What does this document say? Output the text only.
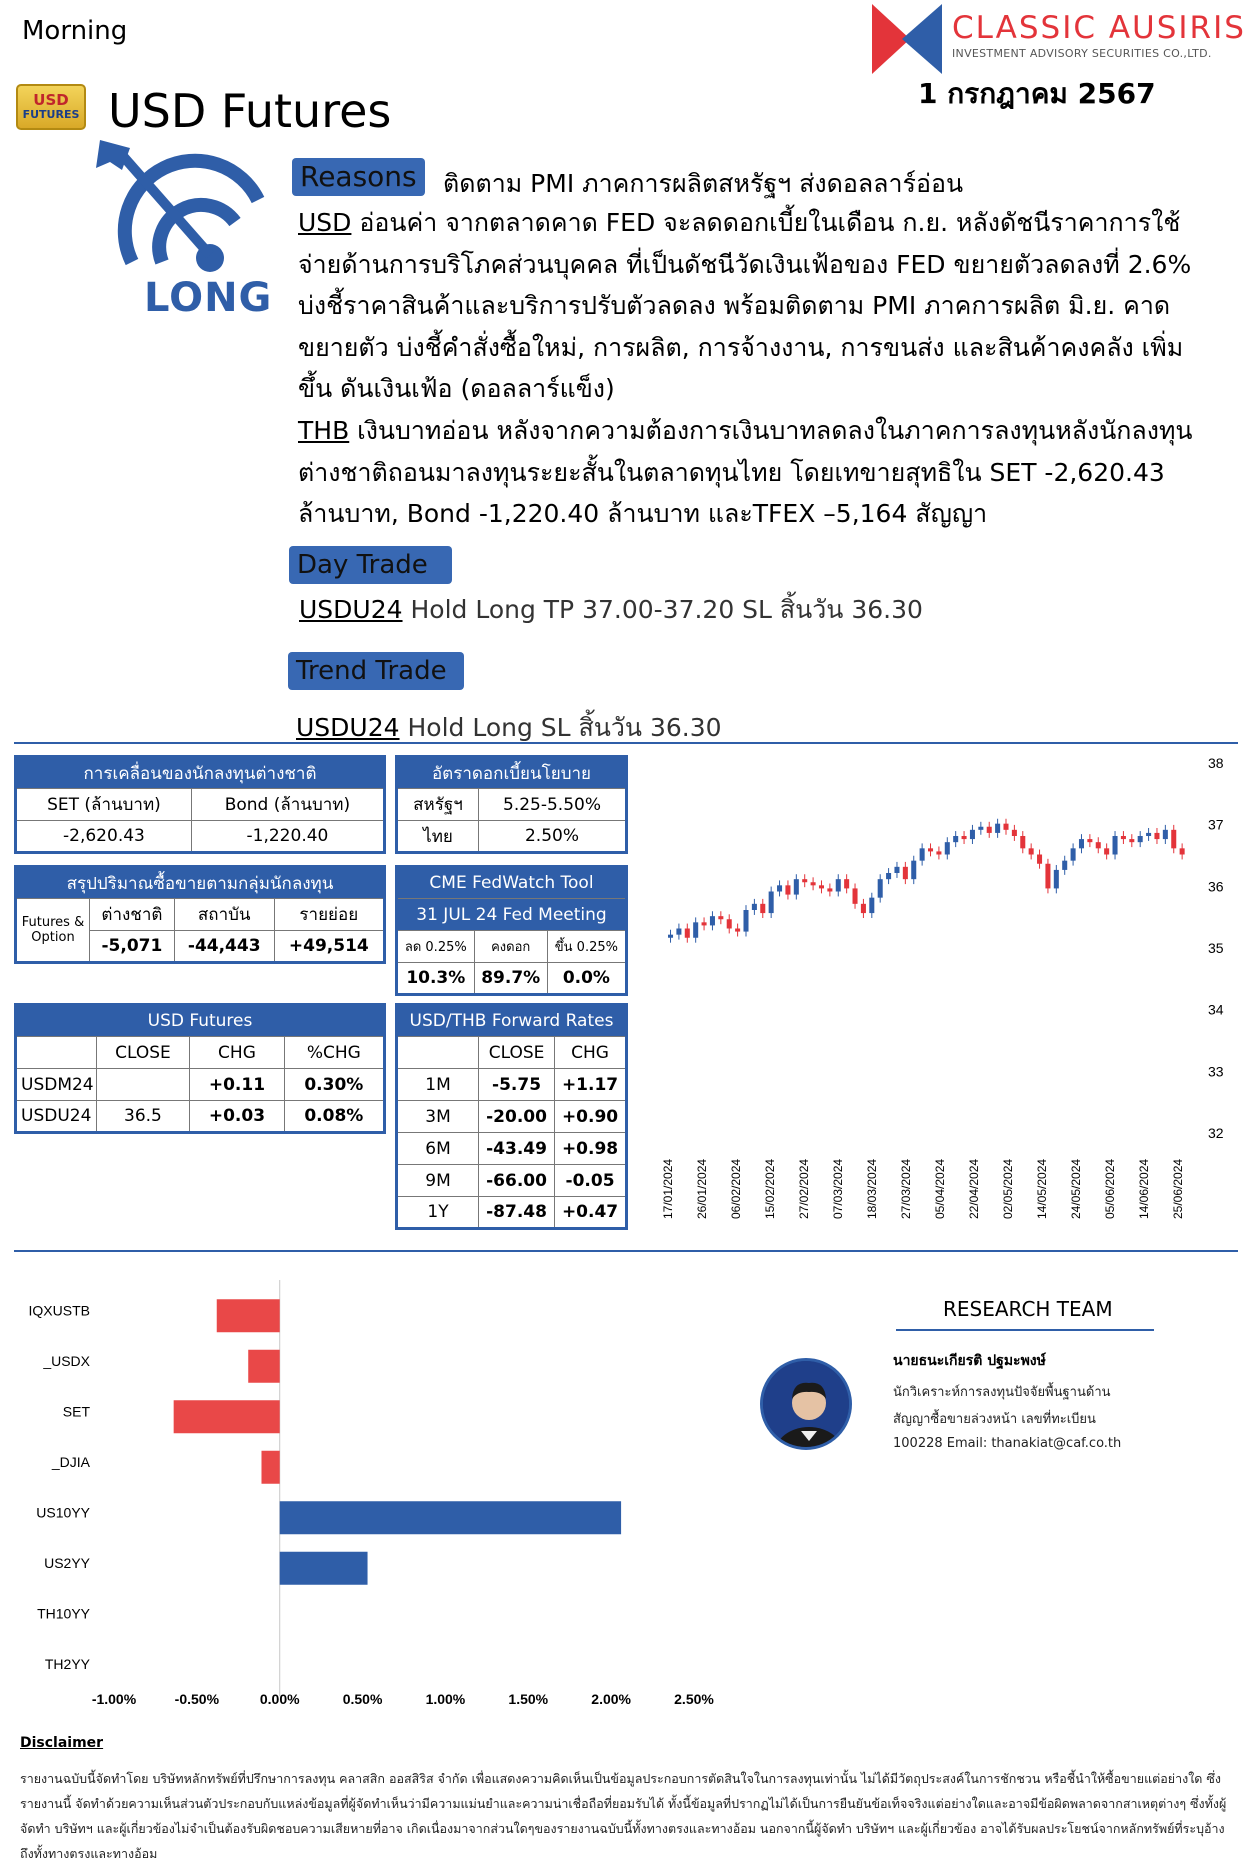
Morning	CLASSIC AUSIRIS
INVESTMENT ADVISORY SECURITIES CO.,LTD.
1 กรกฎาคม 2567
USD
FUTURES USD Futures
LONG
Reasons	ติดตาม PMI ภาคการผลิตสหรัฐฯ ส่งดอลลาร์อ่อน
USD อ่อนค่า จากตลาดคาด FED จะลดดอกเบี้ยในเดือน ก.ย. หลังดัชนีราคาการใช้จ่ายด้านการบริโภคส่วนบุคคล ที่เป็นดัชนีวัดเงินเฟ้อของ FED ขยายตัวลดลงที่ 2.6% บ่งชี้ราคาสินค้าและบริการปรับตัวลดลง พร้อมติดตาม PMI ภาคการผลิต มิ.ย. คาดขยายตัว บ่งชี้คำสั่งซื้อใหม่, การผลิต, การจ้างงาน, การขนส่ง และสินค้าคงคลัง เพิ่มขึ้น ดันเงินเฟ้อ (ดอลลาร์แข็ง)
THB เงินบาทอ่อน หลังจากความต้องการเงินบาทลดลงในภาคการลงทุนหลังนักลงทุนต่างชาติถอนมาลงทุนระยะสั้นในตลาดทุนไทย โดยเทขายสุทธิใน SET -2,620.43 ล้านบาท, Bond -1,220.40 ล้านบาท และTFEX –5,164 สัญญา
Day Trade
USDU24 Hold Long TP 37.00-37.20 SL สิ้นวัน 36.30
Trend Trade
USDU24 Hold Long SL สิ้นวัน 36.30
การเคลื่อนของนักลงทุนต่างชาติ	
SET (ล้านบาท)	Bond (ล้านบาท)
-2,620.43	-1,220.40
อัตราดอกเบี้ยนโยบาย	
สหรัฐฯ	5.25-5.50%
ไทย	2.50%
สรุปปริมาณซื้อขายตามกลุ่มนักลงทุน			

Futures &
Option	ต่างชาติ	สถาบัน	รายย่อย
	-5,071	-44,443	+49,514
CME FedWatch Tool		
31 JUL 24 Fed Meeting		
ลด 0.25%	คงดอก	ขึ้น 0.25%
10.3%	89.7%	0.0%
USD Futures			
	CLOSE	CHG	%CHG
USDM24		+0.11	0.30%
USDU24	36.5	+0.03	0.08%
USD/THB Forward Rates		
	CLOSE	CHG
1M	-5.75	+1.17
3M	-20.00	+0.90
6M	-43.49	+0.98
9M	-66.00	-0.05
1Y	-87.48	+0.47
38
37
36
35
34
33
32
17/01/2024 26/01/2024 06/02/2024 15/02/2024 27/02/2024 07/03/2024 18/03/2024 27/03/2024 05/04/2024 22/04/2024 02/05/2024 14/05/2024 24/05/2024 05/06/2024 14/06/2024 25/06/2024
IQXUSTB
_USDX
SET
_DJIA
US10YY
US2YY
TH10YY
TH2YY
-1.00%	-0.50%	0.00%	0.50%	1.00%	1.50%	2.00%	2.50%
RESEARCH TEAM
นายธนะเกียรติ ปฐมะพงษ์
นักวิเคราะห์การลงทุนปัจจัยพื้นฐานด้าน
สัญญาซื้อขายล่วงหน้า เลขที่ทะเบียน
100228 Email: thanakiat@caf.co.th
Disclaimer
รายงานฉบับนี้จัดทำโดย บริษัทหลักทรัพย์ที่ปรึกษาการลงทุน คลาสสิก ออสสิริส จำกัด เพื่อแสดงความคิดเห็นเป็นข้อมูลประกอบการตัดสินใจในการลงทุนเท่านั้น ไม่ได้มีวัตถุประสงค์ในการชักชวน หรือชี้นำให้ซื้อขายแต่อย่างใด ซึ่งรายงานนี้ จัดทำด้วยความเห็นส่วนตัวประกอบกับแหล่งข้อมูลที่ผู้จัดทำเห็นว่ามีความแม่นยำและความน่าเชื่อถือที่ยอมรับได้ ทั้งนี้ข้อมูลที่ปรากฏไม่ได้เป็นการยืนยันข้อเท็จจริงแต่อย่างใดและอาจมีข้อผิดพลาดจากสาเหตุต่างๆ ซึ่งทั้งผู้จัดทำ บริษัทฯ และผู้เกี่ยวข้องไม่จำเป็นต้องรับผิดชอบความเสียหายที่อาจ เกิดเนื่องมาจากส่วนใดๆของรายงานฉบับนี้ทั้งทางตรงและทางอ้อม นอกจากนี้ผู้จัดทำ บริษัทฯ และผู้เกี่ยวข้อง อาจได้รับผลประโยชน์จากหลักทรัพย์ที่ระบุอ้างถึงทั้งทางตรงและทางอ้อม
